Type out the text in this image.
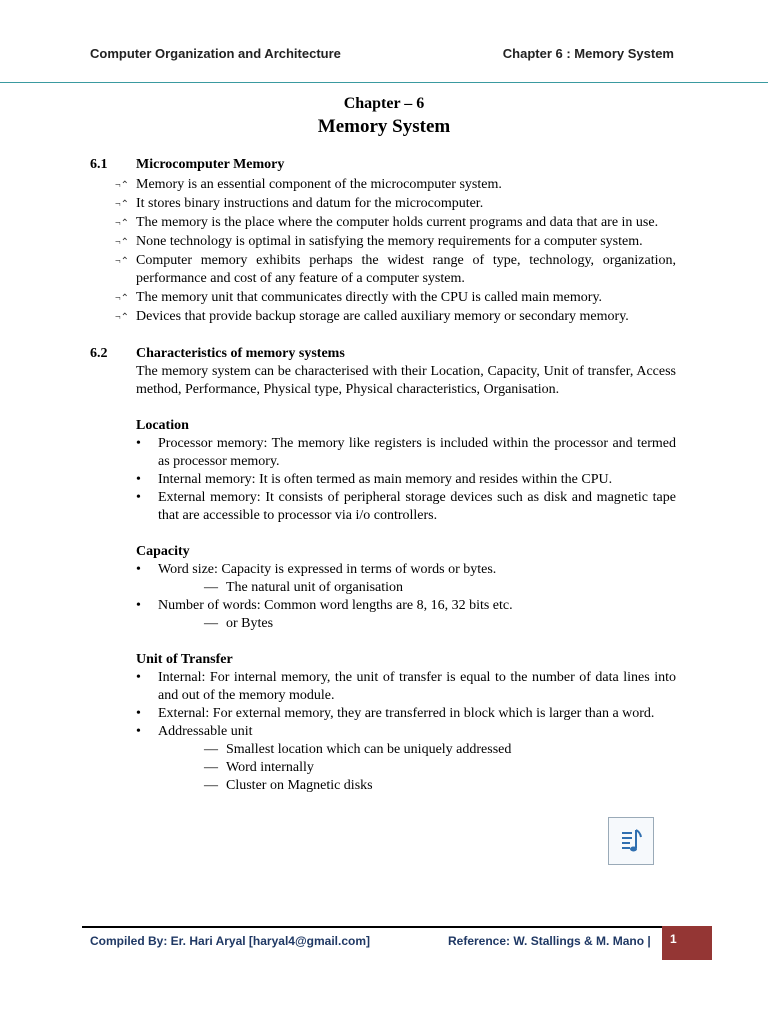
Computer Organization and Architecture	Chapter 6 : Memory System
Chapter – 6
Memory System
6.1	Microcomputer Memory
¬⌃ Memory is an essential component of the microcomputer system.
¬⌃ It stores binary instructions and datum for the microcomputer.
¬⌃ The memory is the place where the computer holds current programs and data that are in use.
¬⌃ None technology is optimal in satisfying the memory requirements for a computer system.
¬⌃ Computer memory exhibits perhaps the widest range of type, technology, organization, performance and cost of any feature of a computer system.
¬⌃ The memory unit that communicates directly with the CPU is called main memory.
¬⌃ Devices that provide backup storage are called auxiliary memory or secondary memory.
6.2	Characteristics of memory systems
The memory system can be characterised with their Location, Capacity, Unit of transfer, Access method, Performance, Physical type, Physical characteristics, Organisation.
Location
• Processor memory: The memory like registers is included within the processor and termed as processor memory.
• Internal memory: It is often termed as main memory and resides within the CPU.
• External memory: It consists of peripheral storage devices such as disk and magnetic tape that are accessible to processor via i/o controllers.
Capacity
• Word size: Capacity is expressed in terms of words or bytes.
— The natural unit of organisation
• Number of words: Common word lengths are 8, 16, 32 bits etc.
— or Bytes
Unit of Transfer
• Internal: For internal memory, the unit of transfer is equal to the number of data lines into and out of the memory module.
• External: For external memory, they are transferred in block which is larger than a word.
• Addressable unit
— Smallest location which can be uniquely addressed
— Word internally
— Cluster on Magnetic disks
Compiled By: Er. Hari Aryal [haryal4@gmail.com]	Reference: W. Stallings & M. Mano |	1
